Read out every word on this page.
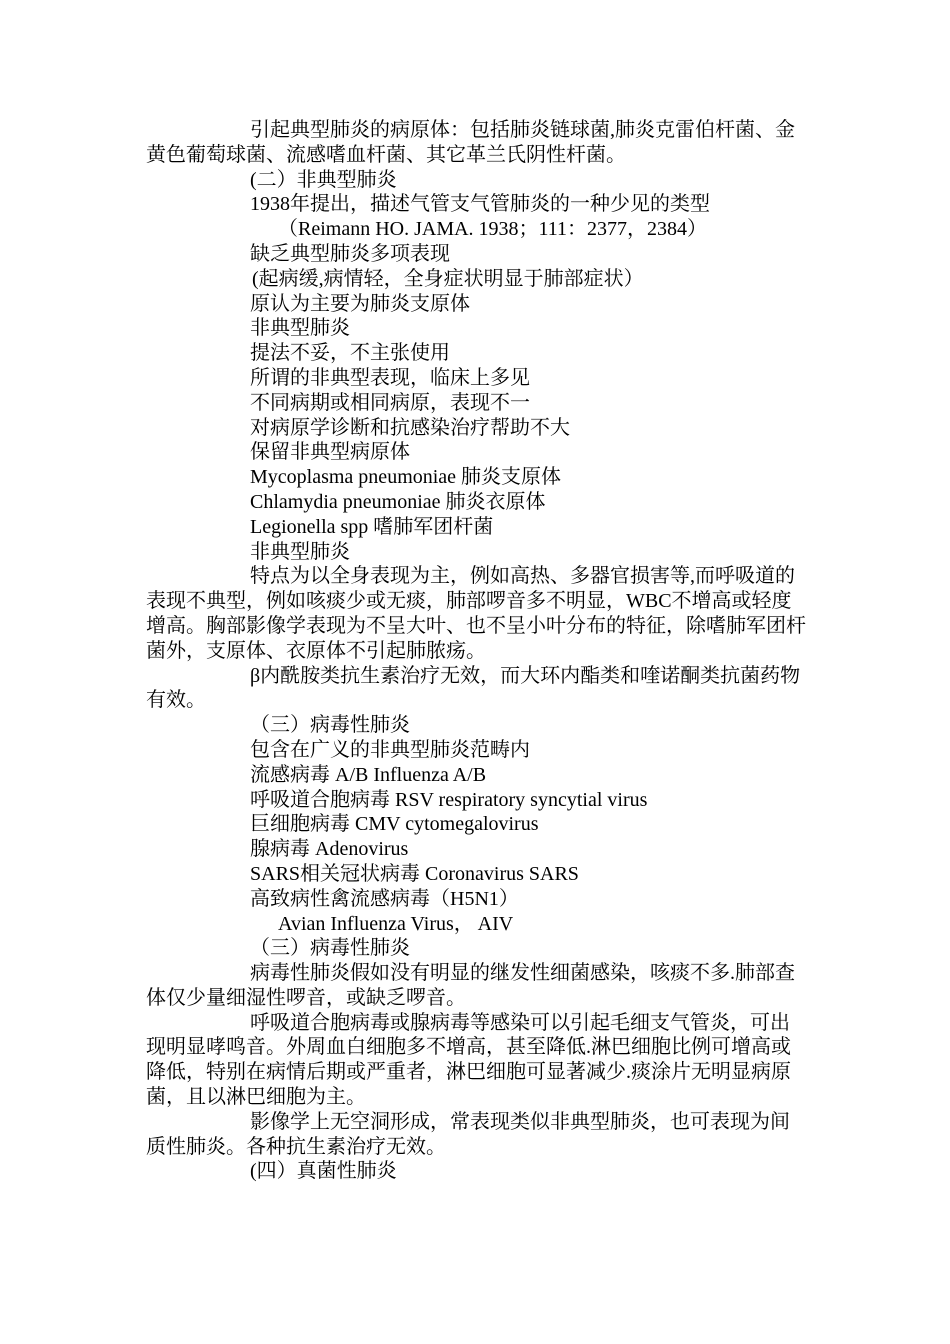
引起典型肺炎的病原体：包括肺炎链球菌,肺炎克雷伯杆菌、金黄色葡萄球菌、流感嗜血杆菌、其它革兰氏阴性杆菌。

(二）非典型肺炎

1938年提出，描述气管支气管肺炎的一种少见的类型

（Reimann HO. JAMA. 1938；111：2377，2384）

缺乏典型肺炎多项表现

(起病缓,病情轻，全身症状明显于肺部症状）

原认为主要为肺炎支原体

非典型肺炎

提法不妥，不主张使用

所谓的非典型表现，临床上多见

不同病期或相同病原，表现不一

对病原学诊断和抗感染治疗帮助不大

保留非典型病原体

Mycoplasma pneumoniae 肺炎支原体

Chlamydia pneumoniae 肺炎衣原体

Legionella spp 嗜肺军团杆菌

非典型肺炎

特点为以全身表现为主，例如高热、多器官损害等,而呼吸道的表现不典型，例如咳痰少或无痰，肺部啰音多不明显，WBC不增高或轻度增高。胸部影像学表现为不呈大叶、也不呈小叶分布的特征，除嗜肺军团杆菌外，支原体、衣原体不引起肺脓疡。

β内酰胺类抗生素治疗无效，而大环内酯类和喹诺酮类抗菌药物有效。

（三）病毒性肺炎

包含在广义的非典型肺炎范畴内

流感病毒 A/B Influenza A/B

呼吸道合胞病毒 RSV respiratory syncytial virus

巨细胞病毒 CMV cytomegalovirus

腺病毒 Adenovirus

SARS相关冠状病毒 Coronavirus SARS

高致病性禽流感病毒（H5N1）

Avian Influenza Virus， AIV

（三）病毒性肺炎

病毒性肺炎假如没有明显的继发性细菌感染，咳痰不多.肺部查体仅少量细湿性啰音，或缺乏啰音。

呼吸道合胞病毒或腺病毒等感染可以引起毛细支气管炎，可出现明显哮鸣音。外周血白细胞多不增高，甚至降低.淋巴细胞比例可增高或降低，特别在病情后期或严重者，淋巴细胞可显著减少.痰涂片无明显病原菌，且以淋巴细胞为主。

影像学上无空洞形成，常表现类似非典型肺炎，也可表现为间质性肺炎。各种抗生素治疗无效。

(四）真菌性肺炎
